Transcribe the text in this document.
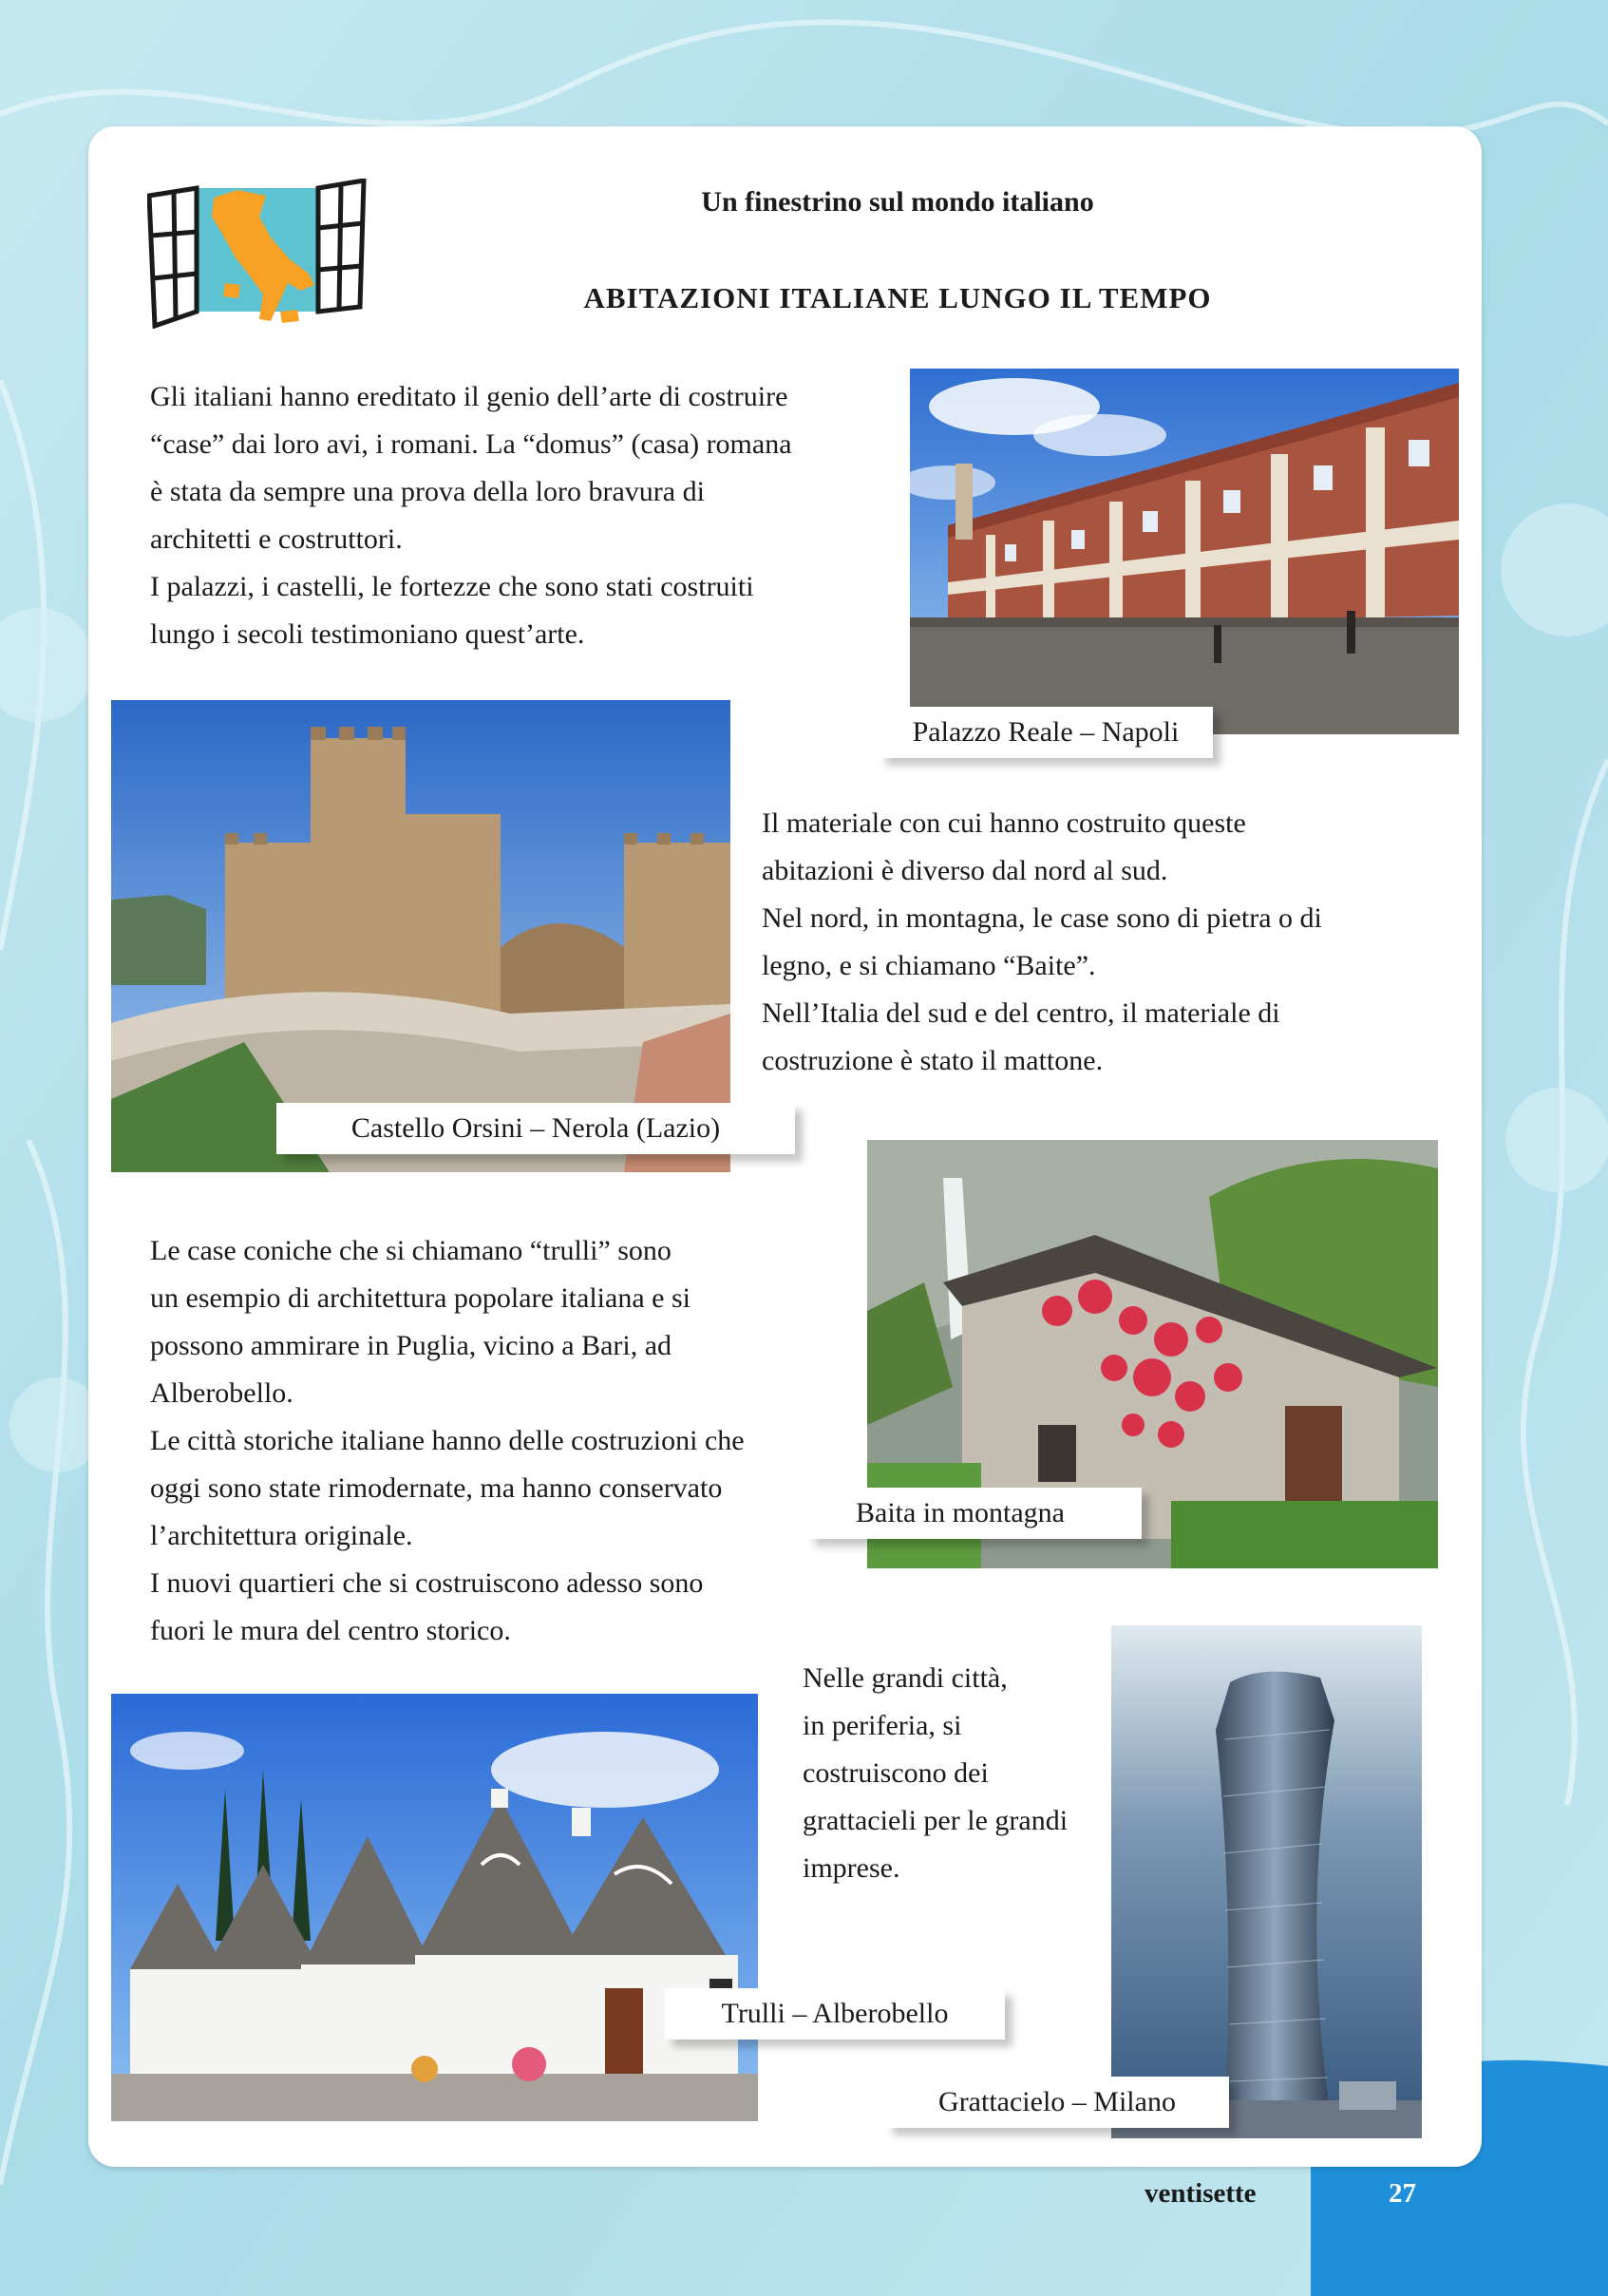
Un finestrino sul mondo italiano
ABITAZIONI ITALIANE LUNGO IL TEMPO
Gli italiani hanno ereditato il genio dell’arte di costruire
“case” dai loro avi, i romani. La “domus” (casa) romana
è stata da sempre una prova della loro bravura di
architetti e costruttori.
I palazzi, i castelli, le fortezze che sono stati costruiti
lungo i secoli testimoniano quest’arte.
Palazzo Reale – Napoli
Castello Orsini – Nerola (Lazio)
Il materiale con cui hanno costruito queste
abitazioni è diverso dal nord al sud.
Nel nord, in montagna, le case sono di pietra o di
legno, e si chiamano “Baite”.
Nell’Italia del sud e del centro, il materiale di
costruzione è stato il mattone.
Baita in montagna
Le case coniche che si chiamano “trulli” sono
un esempio di architettura popolare italiana e si
possono ammirare in Puglia, vicino a Bari, ad
Alberobello.
Le città storiche italiane hanno delle costruzioni che
oggi sono state rimodernate, ma hanno conservato
l’architettura originale.
I nuovi quartieri che si costruiscono adesso sono
fuori le mura del centro storico.
Nelle grandi città,
in periferia, si
costruiscono dei
grattacieli per le grandi
imprese.
Trulli – Alberobello
Grattacielo – Milano
ventisette	27
